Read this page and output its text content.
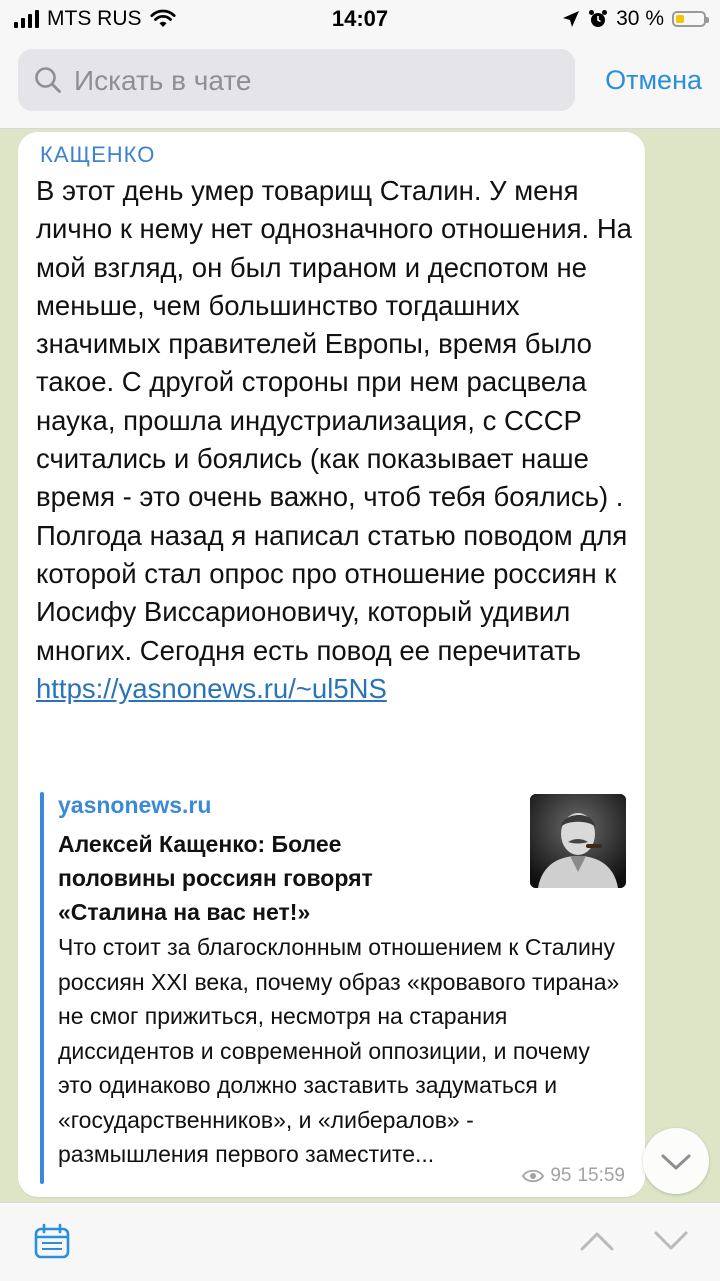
MTS RUS	14:07	30 %
Искать в чате
Отмена
КАЩЕНКО
В этот день умер товарищ Сталин. У меня лично к нему нет однозначного отношения. На мой взгляд, он был тираном и деспотом не меньше, чем большинство тогдашних значимых правителей Европы, время было такое. С другой стороны при нем расцвела наука, прошла индустриализация, с СССР считались и боялись (как показывает наше время - это очень важно, чтоб тебя боялись) . Полгода назад я написал статью поводом для которой стал опрос про отношение россиян к Иосифу Виссарионовичу, который удивил многих. Сегодня есть повод ее перечитать https://yasnonews.ru/~ul5NS
yasnonews.ru
Алексей Кащенко: Более половины россиян говорят «Сталина на вас нет!»
Что стоит за благосклонным отношением к Сталину россиян XXI века, почему образ «кровавого тирана» не смог прижиться, несмотря на старания диссидентов и современной оппозиции, и почему это одинаково должно заставить задуматься и «государственников», и «либералов» - размышления первого заместите...
95 15:59
